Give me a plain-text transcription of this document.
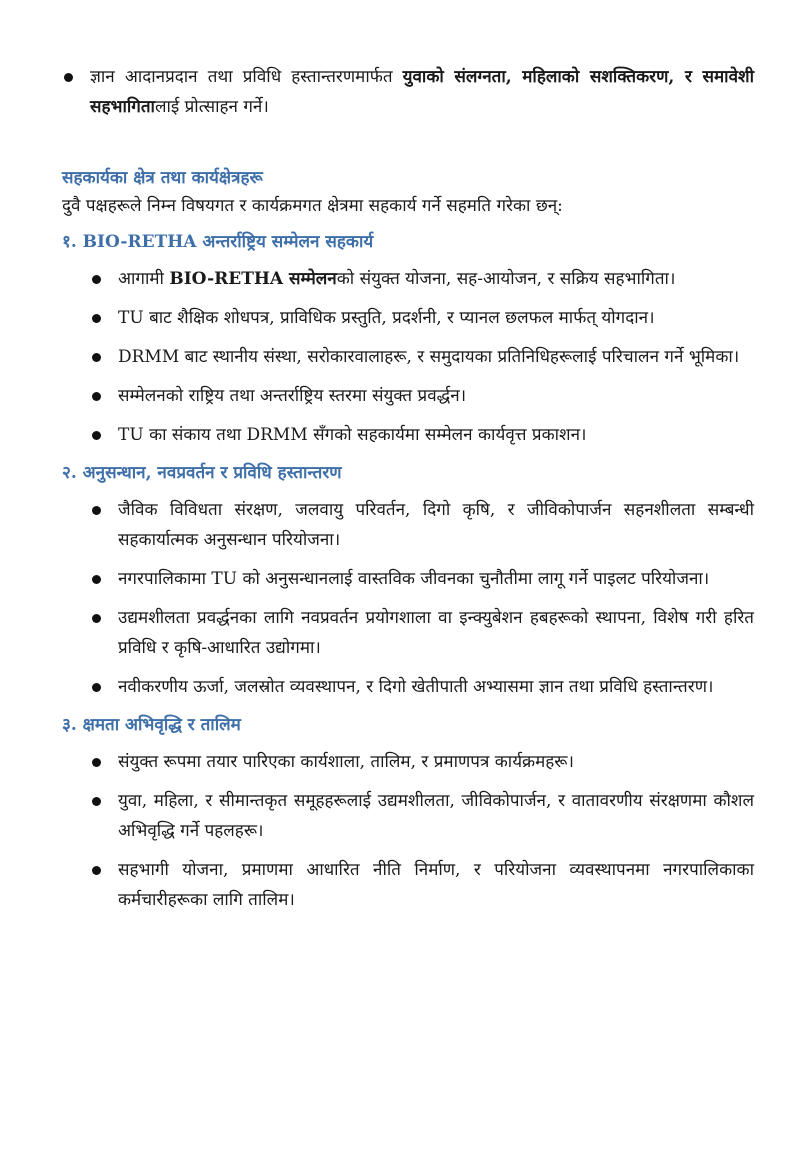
ज्ञान आदानप्रदान तथा प्रविधि हस्तान्तरणमार्फत युवाको संलग्नता, महिलाको सशक्तिकरण, र समावेशी सहभागितालाई प्रोत्साहन गर्ने।
सहकार्यका क्षेत्र तथा कार्यक्षेत्रहरू
दुवै पक्षहरूले निम्न विषयगत र कार्यक्रमगत क्षेत्रमा सहकार्य गर्ने सहमति गरेका छन्:
१. BIO-RETHA अन्तर्राष्ट्रिय सम्मेलन सहकार्य
आगामी BIO-RETHA सम्मेलनको संयुक्त योजना, सह-आयोजन, र सक्रिय सहभागिता।
TU बाट शैक्षिक शोधपत्र, प्राविधिक प्रस्तुति, प्रदर्शनी, र प्यानल छलफल मार्फत् योगदान।
DRMM बाट स्थानीय संस्था, सरोकारवालाहरू, र समुदायका प्रतिनिधिहरूलाई परिचालन गर्ने भूमिका।
सम्मेलनको राष्ट्रिय तथा अन्तर्राष्ट्रिय स्तरमा संयुक्त प्रवर्द्धन।
TU का संकाय तथा DRMM सँगको सहकार्यमा सम्मेलन कार्यवृत्त प्रकाशन।
२. अनुसन्धान, नवप्रवर्तन र प्रविधि हस्तान्तरण
जैविक विविधता संरक्षण, जलवायु परिवर्तन, दिगो कृषि, र जीविकोपार्जन सहनशीलता सम्बन्धी सहकार्यात्मक अनुसन्धान परियोजना।
नगरपालिकामा TU को अनुसन्धानलाई वास्तविक जीवनका चुनौतीमा लागू गर्ने पाइलट परियोजना।
उद्यमशीलता प्रवर्द्धनका लागि नवप्रवर्तन प्रयोगशाला वा इन्क्युबेशन हबहरूको स्थापना, विशेष गरी हरित प्रविधि र कृषि-आधारित उद्योगमा।
नवीकरणीय ऊर्जा, जलस्रोत व्यवस्थापन, र दिगो खेतीपाती अभ्यासमा ज्ञान तथा प्रविधि हस्तान्तरण।
३. क्षमता अभिवृद्धि र तालिम
संयुक्त रूपमा तयार पारिएका कार्यशाला, तालिम, र प्रमाणपत्र कार्यक्रमहरू।
युवा, महिला, र सीमान्तकृत समूहहरूलाई उद्यमशीलता, जीविकोपार्जन, र वातावरणीय संरक्षणमा कौशल अभिवृद्धि गर्ने पहलहरू।
सहभागी योजना, प्रमाणमा आधारित नीति निर्माण, र परियोजना व्यवस्थापनमा नगरपालिकाका कर्मचारीहरूका लागि तालिम।
